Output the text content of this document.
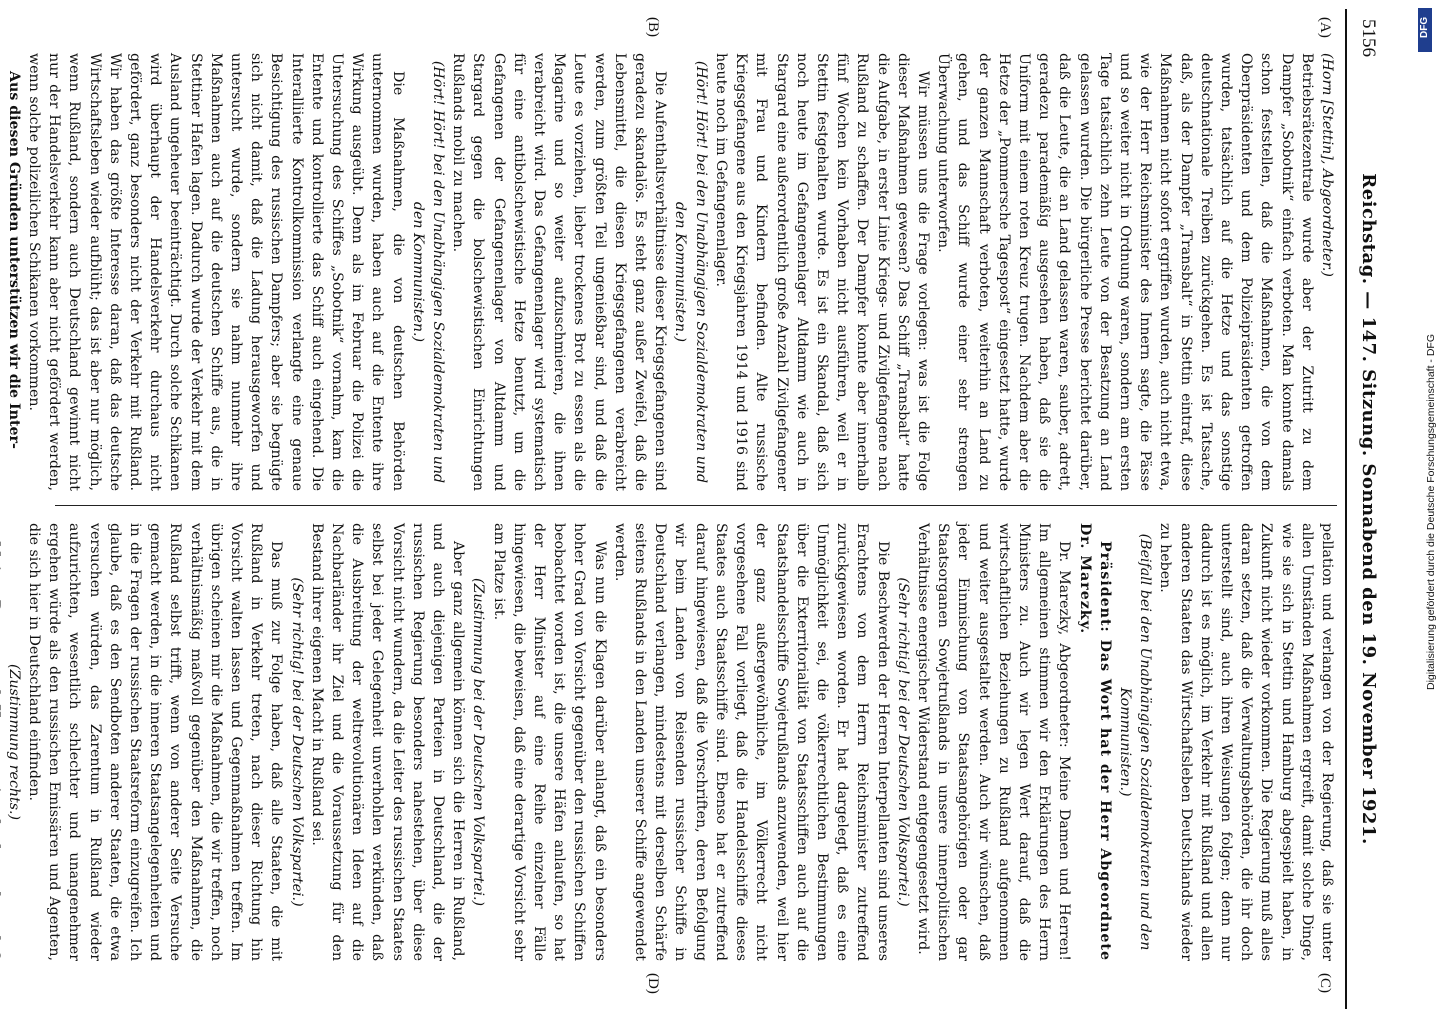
5156
Reichstag. — 147. Sitzung. Sonnabend den 19. November 1921.
(A)
(B)
(C)
(D)

(Horn [Stettin], Abgeordneter.)

Betriebsrätezentrale wurde aber der Zutritt zu dem Dampfer „Sobotnik“ einfach verboten. Man konnte damals schon feststellen, daß die Maßnahmen, die von dem Oberpräsidenten und dem Polizeipräsidenten getroffen wurden, tatsächlich auf die Hetze und das sonstige deutschnationale Treiben zurückgehen. Es ist Tatsache, daß, als der Dampfer „Transbalt“ in Stettin eintraf, diese Maßnahmen nicht sofort ergriffen wurden, auch nicht etwa, wie der Herr Reichsminister des Innern sagte, die Pässe und so weiter nicht in Ordnung waren, sondern am ersten Tage tatsächlich zehn Leute von der Besatzung an Land gelassen wurden. Die bürgerliche Presse berichtet darüber, daß die Leute, die an Land gelassen waren, sauber, adrett, geradezu parademäßig ausgesehen haben, daß sie die Uniform mit einem roten Kreuz trugen. Nachdem aber die Hetze der „Pommersche Tagespost“ eingesetzt hatte, wurde der ganzen Mannschaft verboten, weiterhin an Land zu gehen, und das Schiff wurde einer sehr strengen Überwachung unterworfen.

Wir müssen uns die Frage vorlegen: was ist die Folge dieser Maßnahmen gewesen? Das Schiff „Transbalt“ hatte die Aufgabe, in erster Linie Kriegs- und Zivilgefangene nach Rußland zu schaffen. Der Dampfer konnte aber innerhalb fünf Wochen kein Vorhaben nicht ausführen, weil er in Stettin festgehalten wurde. Es ist ein Skandal, daß sich noch heute im Gefangenenlager Altdamm wie auch in Stargard eine außerordentlich große Anzahl Zivilgefangener mit Frau und Kindern befinden. Alte russische Kriegsgefangene aus den Kriegsjahren 1914 und 1916 sind heute noch im Gefangenenlager.

(Hört! Hört! bei den Unabhängigen Sozialdemokraten und den Kommunisten.)

Die Aufenthaltsverhältnisse dieser Kriegsgefangenen sind geradezu skandalös. Es steht ganz außer Zweifel, daß die Lebensmittel, die diesen Kriegsgefangenen verabreicht werden, zum größten Teil ungenießbar sind, und daß die Leute es vorziehen, lieber trockenes Brot zu essen als die Magarine und so weiter aufzuschmieren, die ihnen verabreicht wird. Das Gefangenenlager wird systematisch für eine antibolschewistische Hetze benutzt, um die Gefangenen der Gefangenenlager von Altdamm und Stargard gegen die bolschewistischen Einrichtungen Rußlands mobil zu machen.

(Hört! Hört! bei den Unabhängigen Sozialdemokraten und den Kommunisten.)

Die Maßnahmen, die von deutschen Behörden unternommen wurden, haben auch auf die Entente ihre Wirkung ausgeübt. Denn als im Februar die Polizei die Untersuchung des Schiffes „Sobotnik“ vornahm, kam die Entente und kontrollierte das Schiff auch eingehend. Die Interalliierte Kontrollkommission verlangte eine genaue Besichtigung des russischen Dampfers; aber sie begnügte sich nicht damit, daß die Ladung herausgeworfen und untersucht wurde, sondern sie nahm nunmehr ihre Maßnahmen auch auf die deutschen Schiffe aus, die in Stettiner Hafen lagen. Dadurch wurde der Verkehr mit dem Ausland ungeheuer beeinträchtigt. Durch solche Schikanen wird überhaupt der Handelsverkehr durchaus nicht gefördert, ganz besonders nicht der Verkehr mit Rußland. Wir haben das größte Interesse daran, daß das deutsche Wirtschaftsleben wieder aufblüht; das ist aber nur möglich, wenn Rußland, sondern auch Deutschland gewinnt nicht nur der Handelsverkehr kann aber nicht gefördert werden, wenn solche polizeilichen Schikanen vorkommen.

Aus diesen Gründen unterstützen wir die Inter-

pellation und verlangen von der Regierung, daß sie unter allen Umständen Maßnahmen ergreift, damit solche Dinge, wie sie sich in Stettin und Hamburg abgespielt haben, in Zukunft nicht wieder vorkommen. Die Regierung muß alles daran setzen, daß die Verwaltungsbehörden, die ihr doch unterstellt sind, auch ihren Weisungen folgen; denn nur dadurch ist es möglich, im Verkehr mit Rußland und allen anderen Staaten das Wirtschaftsleben Deutschlands wieder zu heben.

(Beifall bei den Unabhängigen Sozialdemokraten und den Kommunisten.)

Präsident: Das Wort hat der Herr Abgeordnete Dr. Marezky.

Dr. Marezky, Abgeordneter: Meine Damen und Herren! Im allgemeinen stimmen wir den Erklärungen des Herrn Ministers zu. Auch wir legen Wert darauf, daß die wirtschaftlichen Beziehungen zu Rußland aufgenommen und weiter ausgestaltet werden. Auch wir wünschen, daß jeder Einmischung von Staatsangehörigen oder gar Staatsorganen Sowjetrußlands in unsere innerpolitischen Verhältnisse energischer Widerstand entgegengesetzt wird.

(Sehr richtig! bei der Deutschen Volkspartei.)

Die Beschwerden der Herren Interpellanten sind unseres Erachtens von dem Herrn Reichsminister zutreffend zurückgewiesen worden. Er hat dargelegt, daß es eine Unmöglichkeit sei, die völkerrechtlichen Bestimmungen über die Exterritorialität von Staatsschiffen auch auf die Staatshandelsschiffe Sowjetrußlands anzuwenden, weil hier der ganz außergewöhnliche, im Völkerrecht nicht vorgesehene Fall vorliegt, daß die Handelsschiffe dieses Staates auch Staatsschiffe sind. Ebenso hat er zutreffend darauf hingewiesen, daß die Vorschriften, deren Befolgung wir beim Landen von Reisenden russischer Schiffe in Deutschland verlangen, mindestens mit derselben Schärfe seitens Rußlands in den Landen unserer Schiffe angewendet werden.

Was nun die Klagen darüber anlangt, daß ein besonders hoher Grad von Vorsicht gegenüber den russischen Schiffen beobachtet worden ist, die unsere Häfen anlaufen, so hat der Herr Minister auf eine Reihe einzelner Fälle hingewiesen, die beweisen, daß eine derartige Vorsicht sehr am Platze ist.

(Zustimmung bei der Deutschen Volkspartei.)

Aber ganz allgemein können sich die Herren in Rußland, und auch diejenigen Parteien in Deutschland, die der russischen Regierung besonders nahestehen, über diese Vorsicht nicht wundern, da die Leiter des russischen Staates selbst bei jeder Gelegenheit unverhohlen verkünden, daß die Ausbreitung der weltrevolutionären Ideen auf die Nachbarländer ihr Ziel und die Voraussetzung für den Bestand ihrer eigenen Macht in Rußland sei.

(Sehr richtig! bei der Deutschen Volkspartei.)

Das muß zur Folge haben, daß alle Staaten, die mit Rußland in Verkehr treten, nach dieser Richtung hin Vorsicht walten lassen und Gegenmaßnahmen treffen. Im übrigen scheinen mir die Maßnahmen, die wir treffen, noch verhältnismäßig maßvoll gegenüber den Maßnahmen, die Rußland selbst trifft, wenn von anderer Seite Versuche gemacht werden, in die inneren Staatsangelegenheiten und in die Fragen der russischen Staatsreform einzugreifen. Ich glaube, daß es den Sendboten anderer Staaten, die etwa versuchen würden, das Zarentum in Rußland wieder aufzurichten, wesentlich schlechter und unangenehmer ergehen würde als den russischen Emissären und Agenten, die sich hier in Deutschland einfinden.

(Zustimmung rechts.)

DFG
Digitalisierung gefördert durch die Deutsche Forschungsgemeinschaft - DFG
